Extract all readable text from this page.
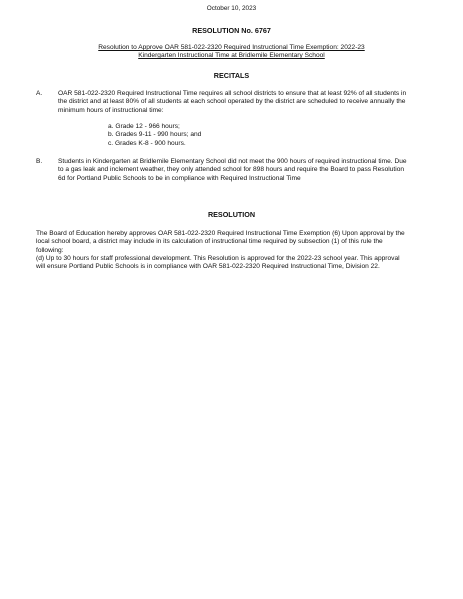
October 10, 2023
RESOLUTION No. 6767
Resolution to Approve OAR 581-022-2320 Required Instructional Time Exemption: 2022-23 Kindergarten Instructional Time at Bridlemile Elementary School
RECITALS
A. OAR 581-022-2320 Required Instructional Time requires all school districts to ensure that at least 92% of all students in the district and at least 80% of all students at each school operated by the district are scheduled to receive annually the minimum hours of instructional time:
a. Grade 12 - 966 hours;
b. Grades 9-11 - 990 hours; and
c. Grades K-8 - 900 hours.
B. Students in Kindergarten at Bridlemile Elementary School did not meet the 900 hours of required instructional time. Due to a gas leak and inclement weather, they only attended school for 898 hours and require the Board to pass Resolution 6d for Portland Public Schools to be in compliance with Required Instructional Time
RESOLUTION

The Board of Education hereby approves OAR 581-022-2320 Required Instructional Time Exemption (6) Upon approval by the local school board, a district may include in its calculation of instructional time required by subsection (1) of this rule the following:

(d) Up to 30 hours for staff professional development. This Resolution is approved for the 2022-23 school year. This approval will ensure Portland Public Schools is in compliance with OAR 581-022-2320 Required Instructional Time, Division 22.
